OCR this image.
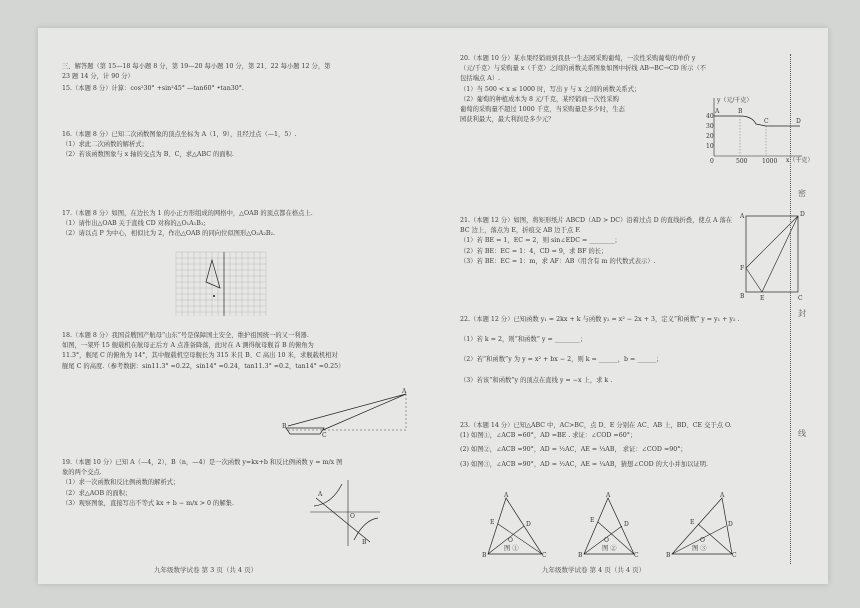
三、解答题（第 15—18 每小题 8 分，第 19—20 每小题 10 分，第 21、22 每小题 12 分，第
23 题 14 分，计 90 分）
15.（本题 8 分）计算：cos²30° +sin²45° —tan60° •tan30°.
16.（本题 8 分）已知二次函数图象的顶点坐标为 A（1，9），且经过点（—1，5）.
（1）求此二次函数的解析式；
（2）若该函数图象与 x 轴的交点为 B、C，求△ABC 的面积.
17.（本题 8 分）如图，在边长为 1 的小正方形组成的网格中，△OAB 的顶点都在格点上.
（1）请作出△OAB 关于直线 CD 对称的△O₁A₁B₁;
（2）请以点 P 为中心，相似比为 2，作出△OAB 的同向位似图形△O₂A₂B₂.
18.（本题 8 分）我国首艘国产航母“山东”号是保障国土安全，维护祖国统一的又一利器.
如图，一架歼 15 舰载机在航母正后方 A 点准备降落，此时在 A 测得航母舰首 B 的俯角为
11.3°，舰尾 C 的俯角为 14°，其中舰载机空母舰长为 315 米且 B、C 高出 10 米，求舰载机相对
舰尾 C 的高度.（参考数据：sin11.3° ≈0.22，sin14° ≈0.24，tan11.3° ≈0.2，tan14° ≈0.25）
B
C
A
19.（本题 10 分）已知 A（—4，2），B（n，—4）是一次函数 y=kx+b 和反比例函数 y = m/x 图
象的两个交点.
（1）求一次函数和反比例函数的解析式；
（2）求△AOB 的面积；
（3）观察图象，直接写出不等式 kx + b − m/x > 0 的解集.
O
A
B
九年级数学试卷 第 3 页（共 4 页）
20.（本题 10 分）某水果经销商到我县一生态园采购葡萄，一次性采购葡萄的单价 y
（元/千克）与采购量 x（千克）之间的函数关系图象如图中折线 AB→BC→CD 所示（不
包括端点 A）.
（1）当 500 < x ≤ 1000 时，写出 y 与 x 之间的函数关系式；
（2）葡萄的种植成本为 8 元/千克，某经销商一次性采购
葡萄的采购量不超过 1000 千克，当采购量是多少时，生态
园获利最大，最大利润是多少元？
y（元/千克）
x（千克）
40
30
20
10
0	500 1000
A	B
C	D
21.（本题 12 分）如图，将矩形纸片 ABCD（AD > DC）沿着过点 D 的直线折叠，使点 A 落在
BC 边上，落点为 E，折痕交 AB 边于点 F.
（1）若 BE = 1，EC = 2，则 sin∠EDC = ________；
（2）若 BE：EC = 1：4，CD = 9，求 BF 的长；
（3）若 BE：EC = 1：m，求 AF：AB（用含有 m 的代数式表示）.
A	D
F
B	E	C
22.（本题 12 分）已知函数 y₁ = 2kx + k 与函数 y₂ = x² − 2x + 3，定义“和函数” y = y₁ + y₂ .
（1）若 k = 2，则“和函数” y = ________；
（2）若“和函数”y 为 y = x² + bx − 2，则 k = ______，b = ______；
（3）若该“和函数”y 的顶点在直线 y = −x 上，求 k .
23.（本题 14 分）已知△ABC 中，AC>BC，点 D、E 分别在 AC、AB 上，BD、CE 交于点 O.
(1) 如图①，∠ACB =60°，AD =BE . 求证：∠COD =60°；
(2) 如图②，∠ACB =90°，AD = ½AC，AE = ⅓AB， 求证：∠COD =90°；
(3) 如图③，∠ACB =90°，AD = ½AC，AE = ¼AB，猜想∠COD 的大小并加以证明.
A
B	C
D
E
O
A
B	C
D
E
O
A
B	C
D
E
O
图 ①	图 ②	图 ③
九年级数学试卷 第 4 页（共 4 页）
密
封
线
